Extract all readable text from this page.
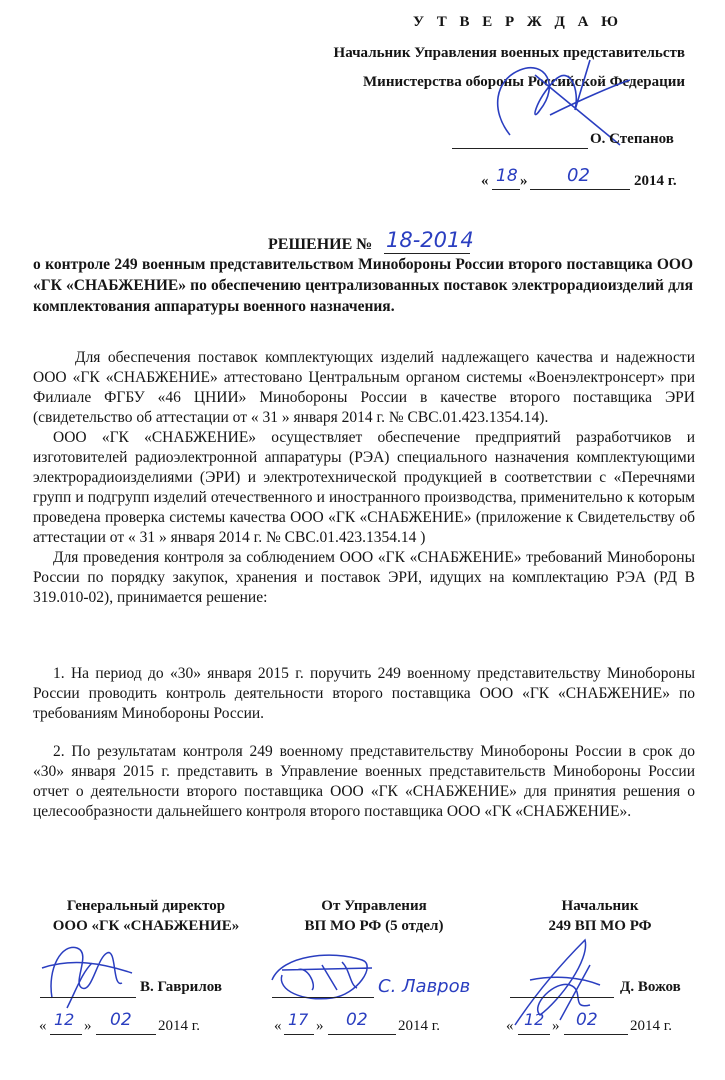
У Т В Е Р Ж Д А Ю
Начальник Управления военных представительств
Министерства обороны Российской Федерации
О. Степанов
« 18 » 02	2014 г.
РЕШЕНИЕ № 18-2014
о контроле 249 военным представительством Минобороны России второго поставщика ООО «ГК «СНАБЖЕНИЕ» по обеспечению централизованных поставок электрорадиоизделий для комплектования аппаратуры военного назначения.

Для обеспечения поставок комплектующих изделий надлежащего качества и надежности ООО «ГК «СНАБЖЕНИЕ» аттестовано Центральным органом системы «Военэлектронсерт» при Филиале ФГБУ «46 ЦНИИ» Минобороны России в качестве второго поставщика ЭРИ (свидетельство об аттестации от « 31 » января 2014 г. № СВС.01.423.1354.14).

ООО «ГК «СНАБЖЕНИЕ» осуществляет обеспечение предприятий разработчиков и изготовителей радиоэлектронной аппаратуры (РЭА) специального назначения комплектующими электрорадиоизделиями (ЭРИ) и электротехнической продукцией в соответствии с «Перечнями групп и подгрупп изделий отечественного и иностранного производства, применительно к которым проведена проверка системы качества ООО «ГК «СНАБЖЕНИЕ» (приложение к Свидетельству об аттестации от « 31 » января 2014 г. № СВС.01.423.1354.14 )

Для проведения контроля за соблюдением ООО «ГК «СНАБЖЕНИЕ» требований Минобороны России по порядку закупок, хранения и поставок ЭРИ, идущих на комплектацию РЭА (РД В 319.010-02), принимается решение:

1. На период до «30» января 2015 г. поручить 249 военному представительству Минобороны России проводить контроль деятельности второго поставщика ООО «ГК «СНАБЖЕНИЕ» по требованиям Минобороны России.

2. По результатам контроля 249 военному представительству Минобороны России в срок до «30» января 2015 г. представить в Управление военных представительств Минобороны России отчет о деятельности второго поставщика ООО «ГК «СНАБЖЕНИЕ» для принятия решения о целесообразности дальнейшего контроля второго поставщика ООО «ГК «СНАБЖЕНИЕ».

Генеральный директор
ООО «ГК «СНАБЖЕНИЕ»
В. Гаврилов
« 12 » 02 2014 г.
От Управления
ВП МО РФ (5 отдел)
С. Лавров
« 17 » 02 2014 г.
Начальник
249 ВП МО РФ
Д. Вожов
« 12 » 02 2014 г.
